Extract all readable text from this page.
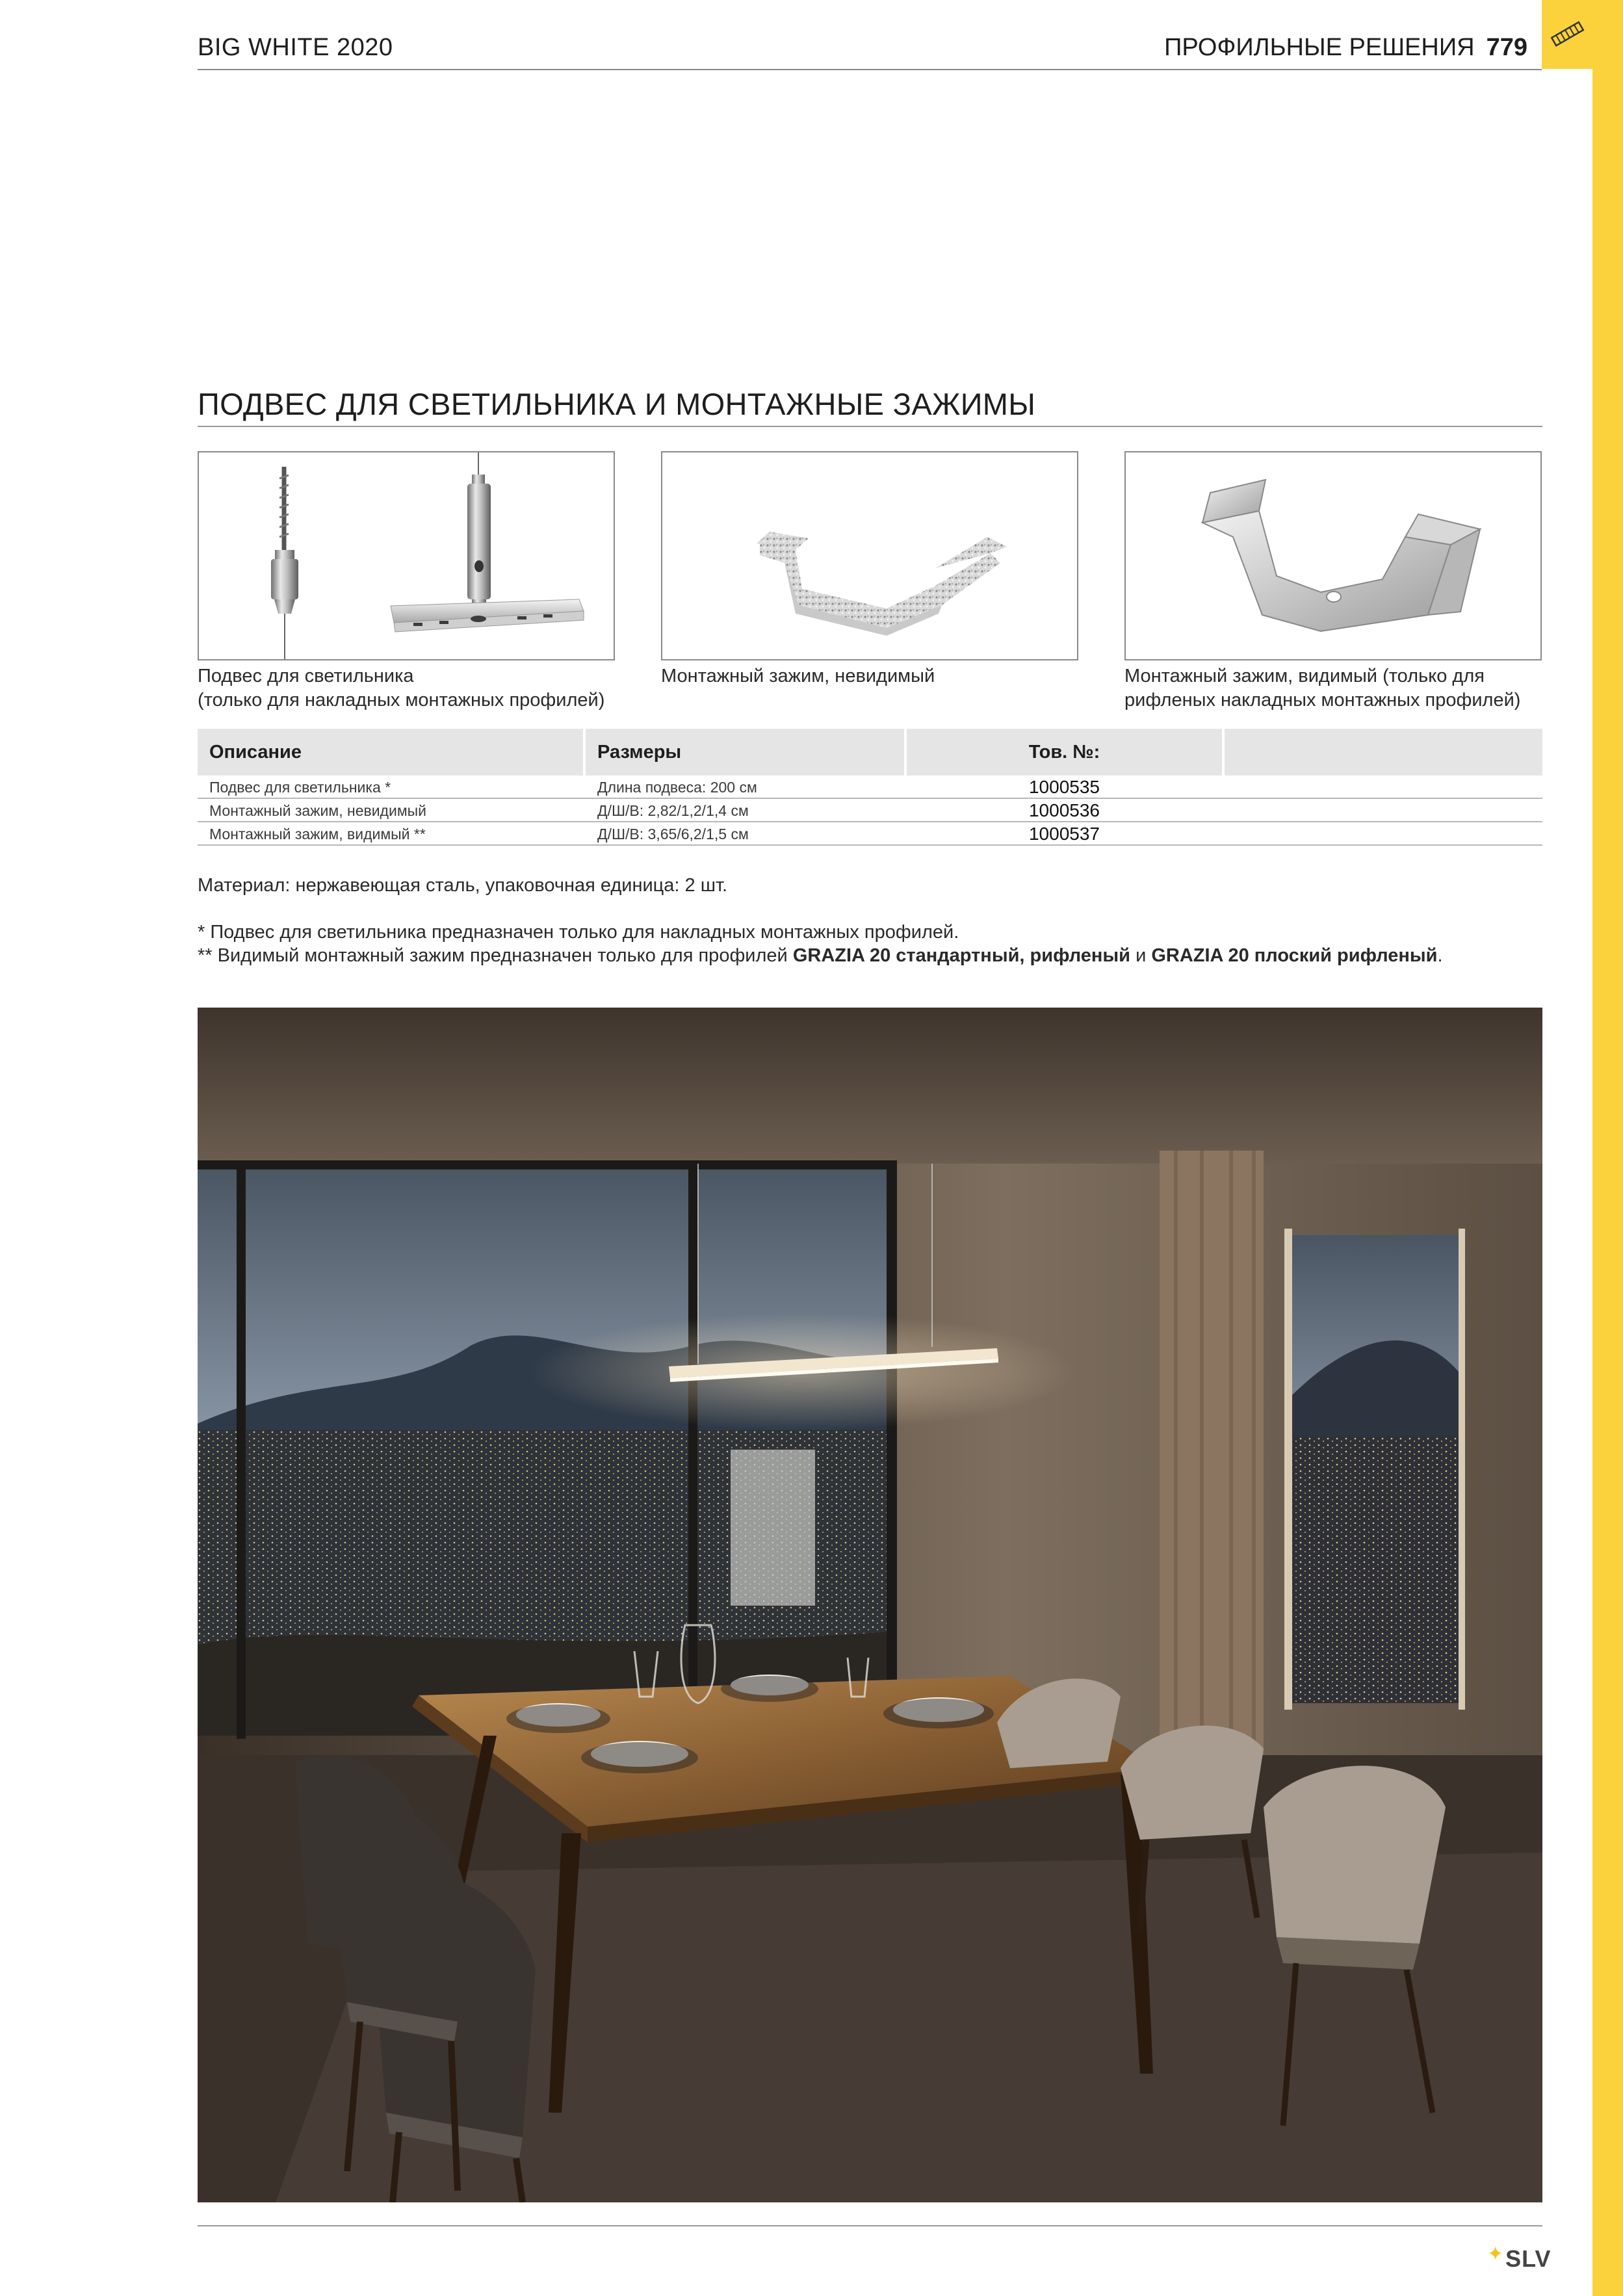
BIG WHITE 2020	ПРОФИЛЬНЫЕ РЕШЕНИЯ 779
ПОДВЕС ДЛЯ СВЕТИЛЬНИКА И МОНТАЖНЫЕ ЗАЖИМЫ
Подвес для светильника
(только для накладных монтажных профилей)
Монтажный зажим, невидимый	Монтажный зажим, видимый (только для
рифленых накладных монтажных профилей)
Описание	Размеры	Тов. №:
Подвес для светильника *	Длина подвеса: 200 см	1000535
Монтажный зажим, невидимый	Д/Ш/В: 2,82/1,2/1,4 см	1000536
Монтажный зажим, видимый **	Д/Ш/В: 3,65/6,2/1,5 см	1000537
Материал: нержавеющая сталь, упаковочная единица: 2 шт.
* Подвес для светильника предназначен только для накладных монтажных профилей.
** Видимый монтажный зажим предназначен только для профилей GRAZIA 20 стандартный, рифленый и GRAZIA 20 плоский рифленый.
✦SLV
